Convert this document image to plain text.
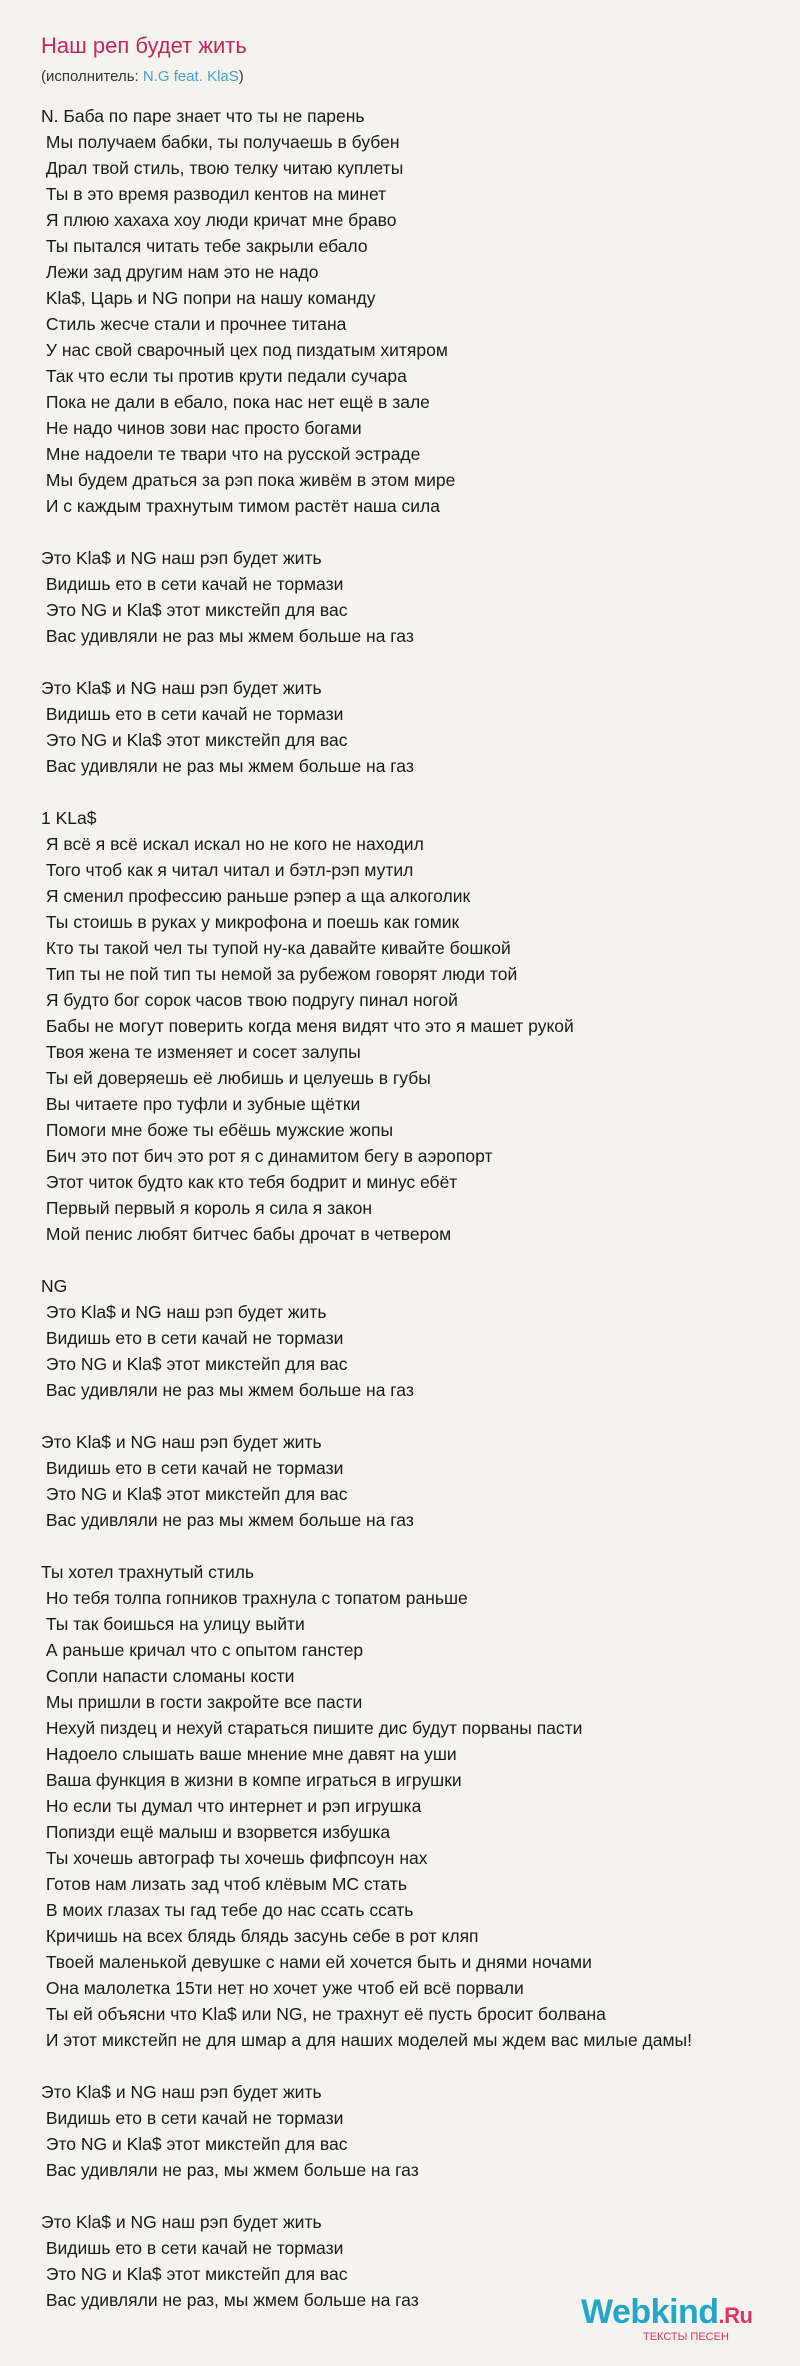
Наш реп будет жить
(исполнитель: N.G feat. KlaS)
N. Баба по паре знает что ты не парень
Мы получаем бабки, ты получаешь в бубен
Драл твой стиль, твою телку читаю куплеты
Ты в это время разводил кентов на минет
Я плюю хахаха хоу люди кричат мне браво
Ты пытался читать тебе закрыли ебало
Лежи зад другим нам это не надо
Kla$, Царь и NG попри на нашу команду
Стиль жесче стали и прочнее титана
У нас свой сварочный цех под пиздатым хитяром
Так что если ты против крути педали сучара
Пока не дали в ебало, пока нас нет ещё в зале
Не надо чинов зови нас просто богами
Мне надоели те твари что на русской эстраде
Мы будем драться за рэп пока живём в этом мире
И с каждым трахнутым тимом растёт наша сила
Это Kla$ и NG наш рэп будет жить
Видишь ето в сети качай не тормази
Это NG и Kla$ этот микстейп для вас
Вас удивляли не раз мы жмем больше на газ
Это Kla$ и NG наш рэп будет жить
Видишь ето в сети качай не тормази
Это NG и Kla$ этот микстейп для вас
Вас удивляли не раз мы жмем больше на газ
1 KLa$
Я всё я всё искал искал но не кого не находил
Того чтоб как я читал читал и бэтл-рэп мутил
Я сменил профессию раньше рэпер а ща алкоголик
Ты стоишь в руках у микрофона и поешь как гомик
Кто ты такой чел ты тупой ну-ка давайте кивайте бошкой
Тип ты не пой тип ты немой за рубежом говорят люди той
Я будто бог сорок часов твою подругу пинал ногой
Бабы не могут поверить когда меня видят что это я машет рукой
Твоя жена те изменяет и сосет залупы
Ты ей доверяешь её любишь и целуешь в губы
Вы читаете про туфли и зубные щётки
Помоги мне боже ты ебёшь мужские жопы
Бич это пот бич это рот я с динамитом бегу в аэропорт
Этот читок будто как кто тебя бодрит и минус ебёт
Первый первый я король я сила я закон
Мой пенис любят битчес бабы дрочат в четвером
NG
Это Kla$ и NG наш рэп будет жить
Видишь ето в сети качай не тормази
Это NG и Kla$ этот микстейп для вас
Вас удивляли не раз мы жмем больше на газ
Это Kla$ и NG наш рэп будет жить
Видишь ето в сети качай не тормази
Это NG и Kla$ этот микстейп для вас
Вас удивляли не раз мы жмем больше на газ
Ты хотел трахнутый стиль
Но тебя толпа гопников трахнула с топатом раньше
Ты так боишься на улицу выйти
А раньше кричал что с опытом ганстер
Сопли напасти сломаны кости
Мы пришли в гости закройте все пасти
Нехуй пиздец и нехуй стараться пишите дис будут порваны пасти
Надоело слышать ваше мнение мне давят на уши
Ваша функция в жизни в компе играться в игрушки
Но если ты думал что интернет и рэп игрушка
Попизди ещё малыш и взорвется избушка
Ты хочешь автограф ты хочешь фифпсоун нах
Готов нам лизать зад чтоб клёвым МС стать
В моих глазах ты гад тебе до нас ссать ссать
Кричишь на всех блядь блядь засунь себе в рот кляп
Твоей маленькой девушке с нами ей хочется быть и днями ночами
Она малолетка 15ти нет но хочет уже чтоб ей всё порвали
Ты ей объясни что Kla$ или NG, не трахнут её пусть бросит болвана
И этот микстейп не для шмар а для наших моделей мы ждем вас милые дамы!
Это Kla$ и NG наш рэп будет жить
Видишь ето в сети качай не тормази
Это NG и Kla$ этот микстейп для вас
Вас удивляли не раз, мы жмем больше на газ
Это Kla$ и NG наш рэп будет жить
Видишь ето в сети качай не тормази
Это NG и Kla$ этот микстейп для вас
Вас удивляли не раз, мы жмем больше на газ	Webkind.Ru
ТЕКСТЫ ПЕСЕН
